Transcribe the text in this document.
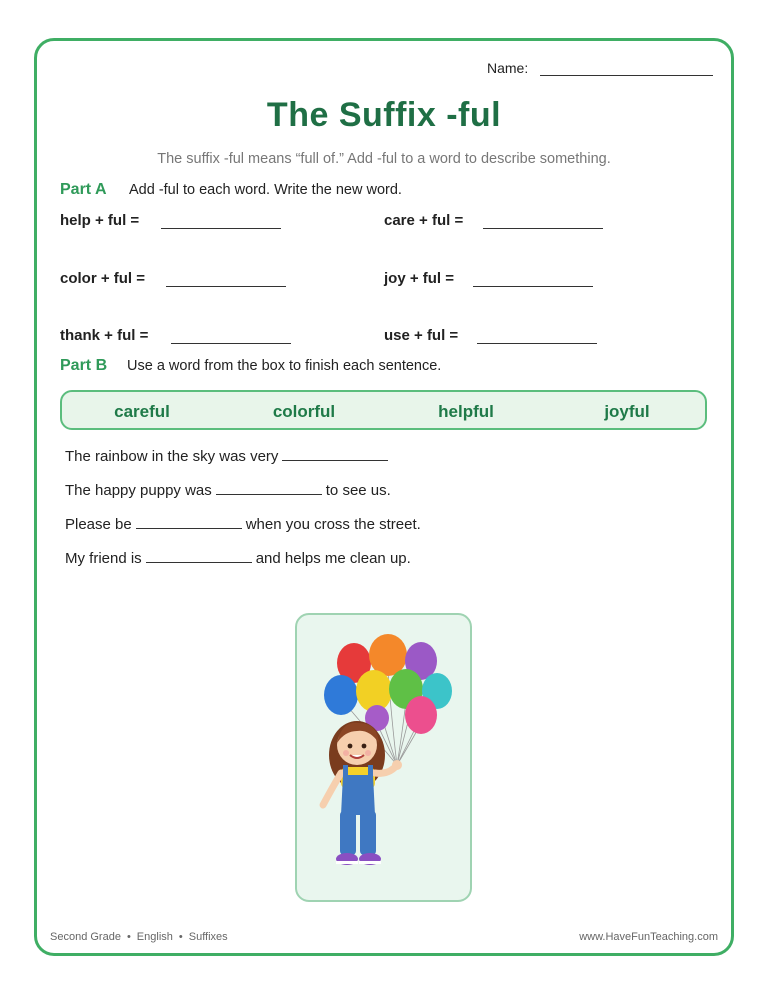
Name:
The Suffix -ful
The suffix -ful means “full of.” Add -ful to a word to describe something.
Part A Add -ful to each word. Write the new word.
help + ful =	care + ful =
color + ful =	joy + ful =
thank + ful =	use + ful =
Part B Use a word from the box to finish each sentence.
careful	colorful	helpful	joyful
The rainbow in the sky was very
The happy puppy was	to see us.
Please be	when you cross the street.
My friend is	and helps me clean up.
Second Grade • English • Suffixes	www.HaveFunTeaching.com
